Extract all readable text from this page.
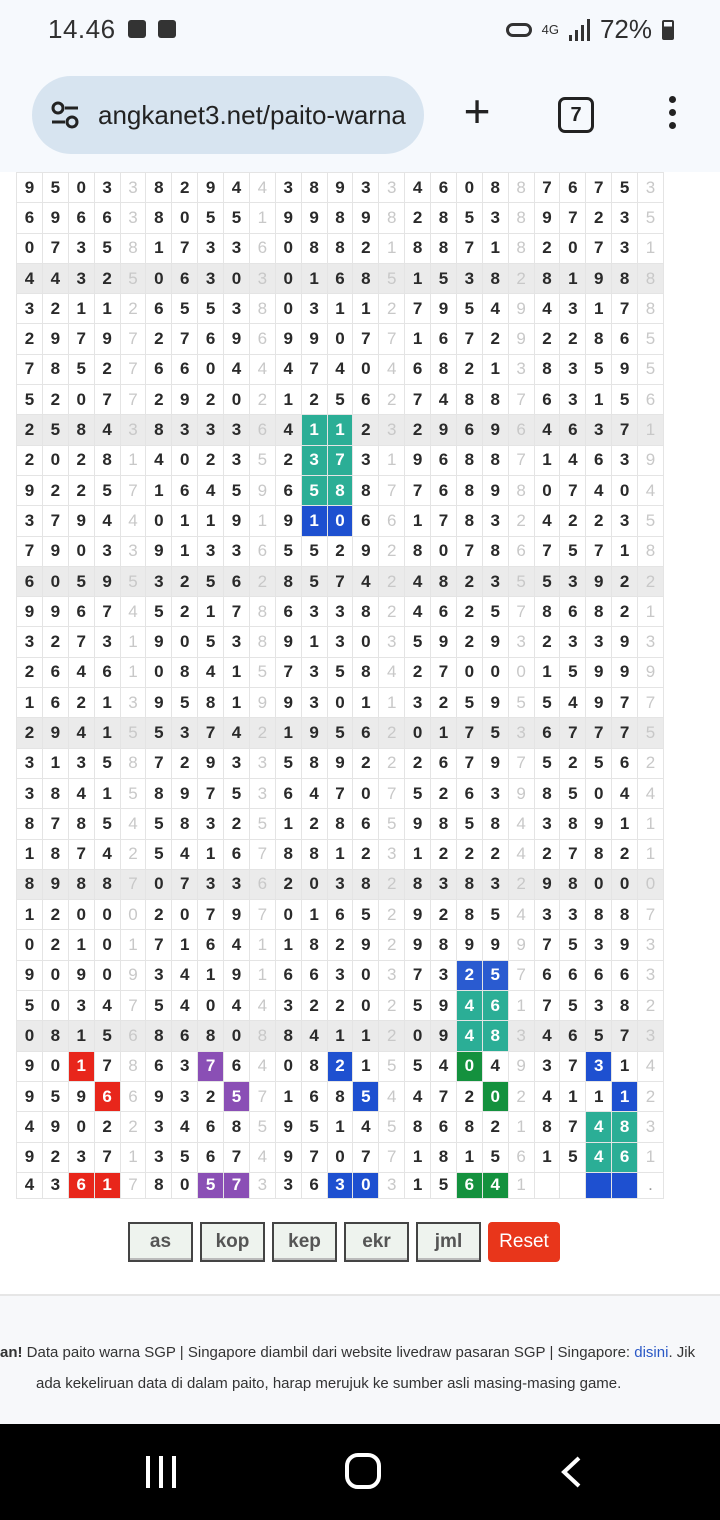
14.46	4G 72%
angkanet3.net/paito-warna +	7
9	5	0	3	3	8	2	9	4	4	3	8	9	3	3	4	6	0	8	8	7	6	7	5	3
6	9	6	6	3	8	0	5	5	1	9	9	8	9	8	2	8	5	3	8	9	7	2	3	5
0	7	3	5	8	1	7	3	3	6	0	8	8	2	1	8	8	7	1	8	2	0	7	3	1
4	4	3	2	5	0	6	3	0	3	0	1	6	8	5	1	5	3	8	2	8	1	9	8	8
3	2	1	1	2	6	5	5	3	8	0	3	1	1	2	7	9	5	4	9	4	3	1	7	8
2	9	7	9	7	2	7	6	9	6	9	9	0	7	7	1	6	7	2	9	2	2	8	6	5
7	8	5	2	7	6	6	0	4	4	4	7	4	0	4	6	8	2	1	3	8	3	5	9	5
5	2	0	7	7	2	9	2	0	2	1	2	5	6	2	7	4	8	8	7	6	3	1	5	6
2	5	8	4	3	8	3	3	3	6	4	1	1	2	3	2	9	6	9	6	4	6	3	7	1
2	0	2	8	1	4	0	2	3	5	2	3	7	3	1	9	6	8	8	7	1	4	6	3	9
9	2	2	5	7	1	6	4	5	9	6	5	8	8	7	7	6	8	9	8	0	7	4	0	4
3	7	9	4	4	0	1	1	9	1	9	1	0	6	6	1	7	8	3	2	4	2	2	3	5
7	9	0	3	3	9	1	3	3	6	5	5	2	9	2	8	0	7	8	6	7	5	7	1	8
6	0	5	9	5	3	2	5	6	2	8	5	7	4	2	4	8	2	3	5	5	3	9	2	2
9	9	6	7	4	5	2	1	7	8	6	3	3	8	2	4	6	2	5	7	8	6	8	2	1
3	2	7	3	1	9	0	5	3	8	9	1	3	0	3	5	9	2	9	3	2	3	3	9	3
2	6	4	6	1	0	8	4	1	5	7	3	5	8	4	2	7	0	0	0	1	5	9	9	9
1	6	2	1	3	9	5	8	1	9	9	3	0	1	1	3	2	5	9	5	5	4	9	7	7
2	9	4	1	5	5	3	7	4	2	1	9	5	6	2	0	1	7	5	3	6	7	7	7	5
3	1	3	5	8	7	2	9	3	3	5	8	9	2	2	2	6	7	9	7	5	2	5	6	2
3	8	4	1	5	8	9	7	5	3	6	4	7	0	7	5	2	6	3	9	8	5	0	4	4
8	7	8	5	4	5	8	3	2	5	1	2	8	6	5	9	8	5	8	4	3	8	9	1	1
1	8	7	4	2	5	4	1	6	7	8	8	1	2	3	1	2	2	2	4	2	7	8	2	1
8	9	8	8	7	0	7	3	3	6	2	0	3	8	2	8	3	8	3	2	9	8	0	0	0
1	2	0	0	0	2	0	7	9	7	0	1	6	5	2	9	2	8	5	4	3	3	8	8	7
0	2	1	0	1	7	1	6	4	1	1	8	2	9	2	9	8	9	9	9	7	5	3	9	3
9	0	9	0	9	3	4	1	9	1	6	6	3	0	3	7	3	2	5	7	6	6	6	6	3
5	0	3	4	7	5	4	0	4	4	3	2	2	0	2	5	9	4	6	1	7	5	3	8	2
0	8	1	5	6	8	6	8	0	8	8	4	1	1	2	0	9	4	8	3	4	6	5	7	3
9	0	1	7	8	6	3	7	6	4	0	8	2	1	5	5	4	0	4	9	3	7	3	1	4
9	5	9	6	6	9	3	2	5	7	1	6	8	5	4	4	7	2	0	2	4	1	1	1	2
4	9	0	2	2	3	4	6	8	5	9	5	1	4	5	8	6	8	2	1	8	7	4	8	3
9	2	3	7	1	3	5	6	7	4	9	7	0	7	7	1	8	1	5	6	1	5	4	6	1
4	3	6	1	7	8	0	5	7	3	3	6	3	0	3	1	5	6	4	1					.
as	kop	kep	ekr	jml	Reset
an! Data paito warna SGP | Singapore diambil dari website livedraw pasaran SGP | Singapore: disini. Jik
ada kekeliruan data di dalam paito, harap merujuk ke sumber asli masing-masing game.
